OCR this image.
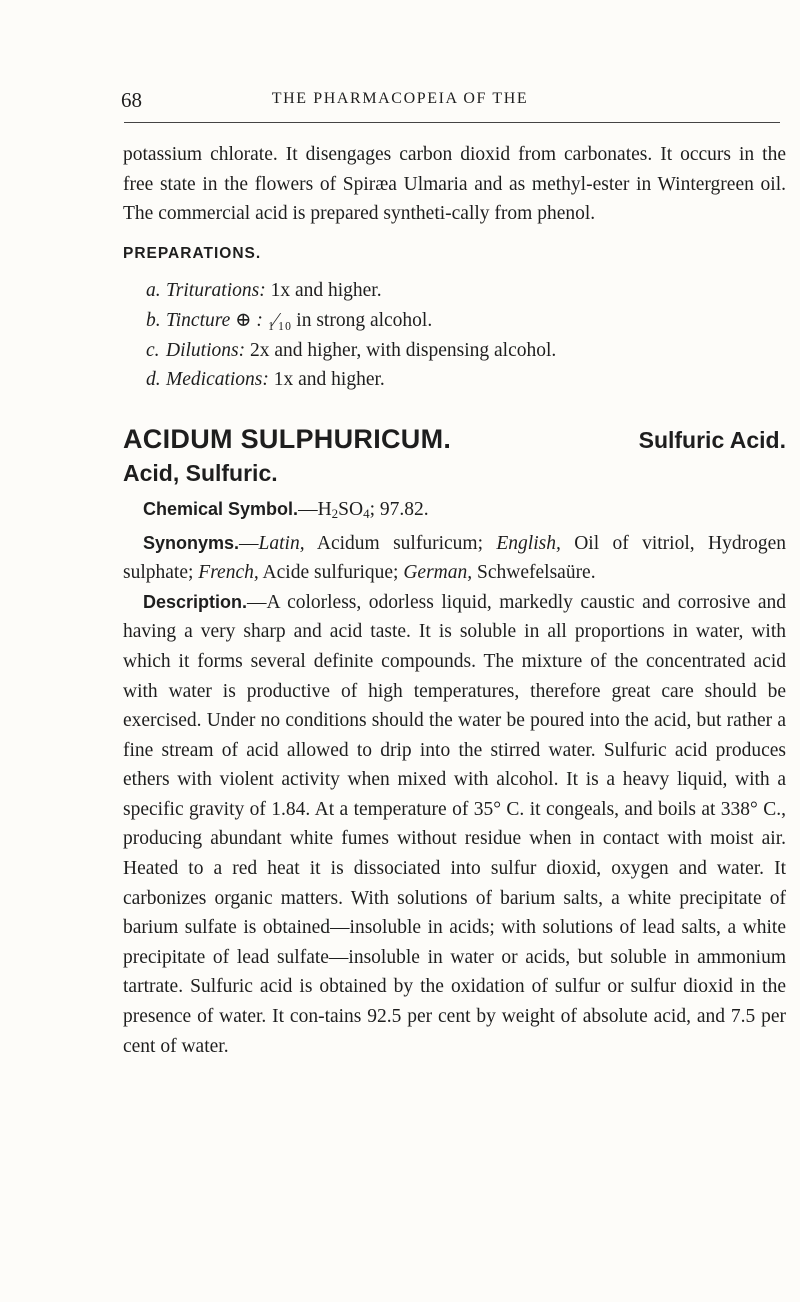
68	THE PHARMACOPEIA OF THE

potassium chlorate. It disengages carbon dioxid from carbonates. It occurs in the free state in the flowers of Spiræa Ulmaria and as methyl-ester in Wintergreen oil. The commercial acid is prepared syntheti-cally from phenol.

PREPARATIONS.
a. Triturations: 1x and higher.
b. Tincture ⊕ : ₁⁄₁₀ in strong alcohol.
c. Dilutions: 2x and higher, with dispensing alcohol.
d. Medications: 1x and higher.
ACIDUM SULPHURICUM.	Sulfuric Acid.
Acid, Sulfuric.

Chemical $Symbol.—H_2SO_4$; 97.82.

Synonyms.—Latin, Acidum sulfuricum; English, Oil of vitriol, Hydrogen sulphate; French, Acide sulfurique; German, Schwefelsaüre.

Description.—A colorless, odorless liquid, markedly caustic and corrosive and having a very sharp and acid taste. It is soluble in all proportions in water, with which it forms several definite compounds. The mixture of the concentrated acid with water is productive of high temperatures, therefore great care should be exercised. Under no conditions should the water be poured into the acid, but rather a fine stream of acid allowed to drip into the stirred water. Sulfuric acid produces ethers with violent activity when mixed with alcohol. It is a heavy liquid, with a specific gravity of 1.84. At a temperature of 35° C. it congeals, and boils at 338° C., producing abundant white fumes without residue when in contact with moist air. Heated to a red heat it is dissociated into sulfur dioxid, oxygen and water. It carbonizes organic matters. With solutions of barium salts, a white precipitate of barium sulfate is obtained—insoluble in acids; with solutions of lead salts, a white precipitate of lead sulfate—insoluble in water or acids, but soluble in ammonium tartrate. Sulfuric acid is obtained by the oxidation of sulfur or sulfur dioxid in the presence of water. It con-tains 92.5 per cent by weight of absolute acid, and 7.5 per cent of water.
